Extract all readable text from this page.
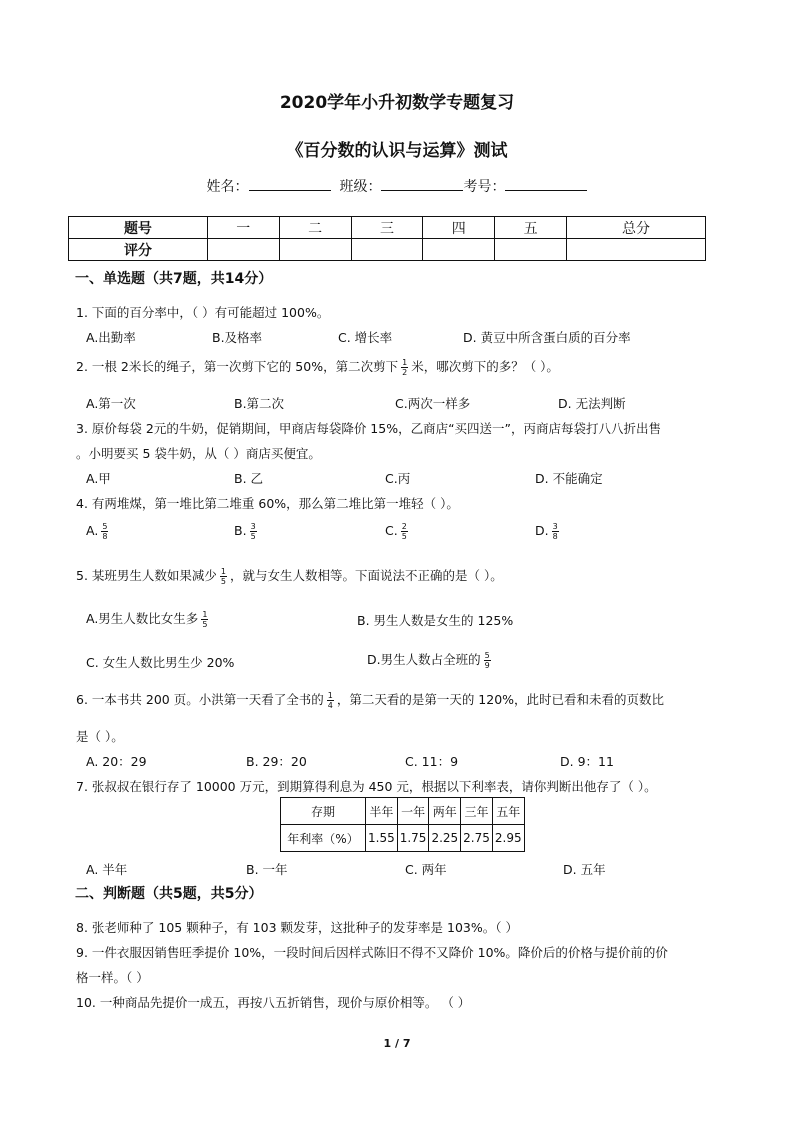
2020学年小升初数学专题复习
《百分数的认识与运算》测试
姓名：	班级：	考号：
题号	一	二	三	四	五	总分
评分						
一、单选题（共7题，共14分）
1. 下面的百分率中，（ ）有可能超过 100%。
A.出勤率	B.及格率	C. 增长率	D. 黄豆中所含蛋白质的百分率
2. 一根 2米长的绳子，第一次剪下它的 50%，第二次剪下 $\frac{1}{2}$ 米，哪次剪下的多？（ ）。
A.第一次	B.第二次	C.两次一样多	D. 无法判断
3. 原价每袋 2元的牛奶，促销期间，甲商店每袋降价 15%，乙商店“买四送一”，丙商店每袋打八八折出售
。小明要买 5 袋牛奶，从（ ）商店买便宜。
A.甲	B. 乙	C.丙	D. 不能确定
4. 有两堆煤，第一堆比第二堆重 60%，那么第二堆比第一堆轻（ ）。
A. $\frac{5}{8}$	B. $\frac{3}{5}$	C. $\frac{2}{5}$	D. $\frac{3}{8}$
5. 某班男生人数如果减少 $\frac{1}{5}$ ，就与女生人数相等。下面说法不正确的是（ ）。
A.男生人数比女生多 $\frac{1}{5}$	B. 男生人数是女生的 125%
C. 女生人数比男生少 20%	D.男生人数占全班的 $\frac{5}{9}$
6. 一本书共 200 页。小洪第一天看了全书的 $\frac{1}{4}$ ，第二天看的是第一天的 120%，此时已看和未看的页数比
是（ ）。
A. 20：29	B. 29：20	C. 11：9	D. 9：11
7. 张叔叔在银行存了 10000 万元，到期算得利息为 450 元，根据以下利率表，请你判断出他存了（ ）。
存期	半年	一年	两年	三年	五年
年利率（%）	1.55	1.75	2.25	2.75	2.95
A. 半年	B. 一年	C. 两年	D. 五年
二、判断题（共5题，共5分）
8. 张老师种了 105 颗种子，有 103 颗发芽，这批种子的发芽率是 103%。（ ）
9. 一件衣服因销售旺季提价 10%，一段时间后因样式陈旧不得不又降价 10%。降价后的价格与提价前的价
格一样。（ ）
10. 一种商品先提价一成五，再按八五折销售，现价与原价相等。 （ ）
1 / 7
